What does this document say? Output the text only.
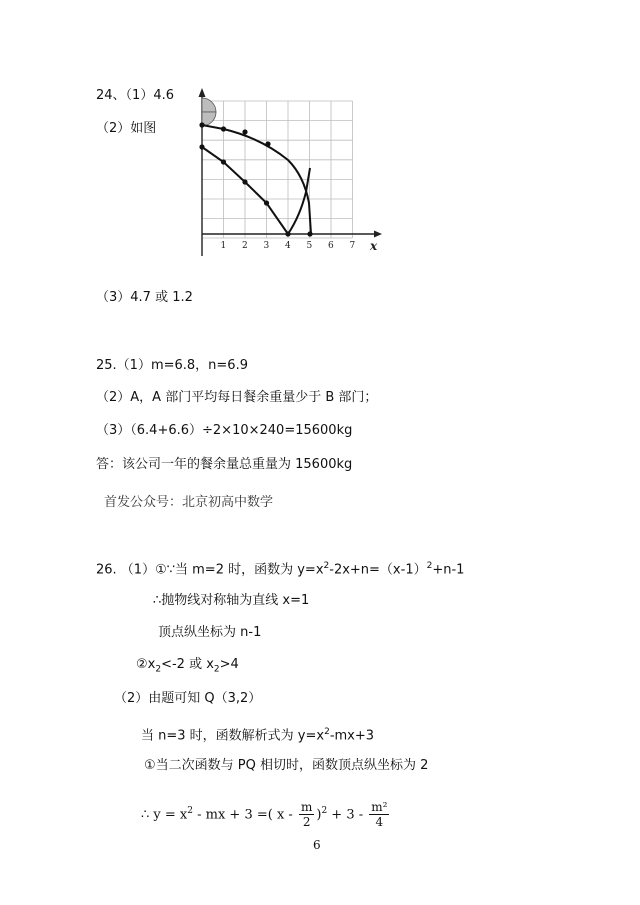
24、（1）4.6
（2）如图
1 2 3 4 5 6 7 x
（3）4.7 或 1.2
25.（1）m=6.8，n=6.9
（2）A，A 部门平均每日餐余重量少于 B 部门；
（3）（6.4+6.6）÷2×10×240=15600kg
答：该公司一年的餐余量总重量为 15600kg
首发公众号：北京初高中数学
26. （1）①∵当 m=2 时，函数为 $y=x^2-2x+n=(x-1)^2+n-1$
∴抛物线对称轴为直线 x=1
顶点纵坐标为 n-1
$②x_2<-2$ 或 $x_2>4$
（2）由题可知 Q（3,2）
当 n=3 时，函数解析式为 $y=x^2-mx+3$
①当二次函数与 PQ 相切时，函数顶点纵坐标为 2
∴ $y = x^2$ - mx + 3 =( $x - \frac{m}{2} )^2 + 3 - \frac{\text{m²}}{4}$
6
